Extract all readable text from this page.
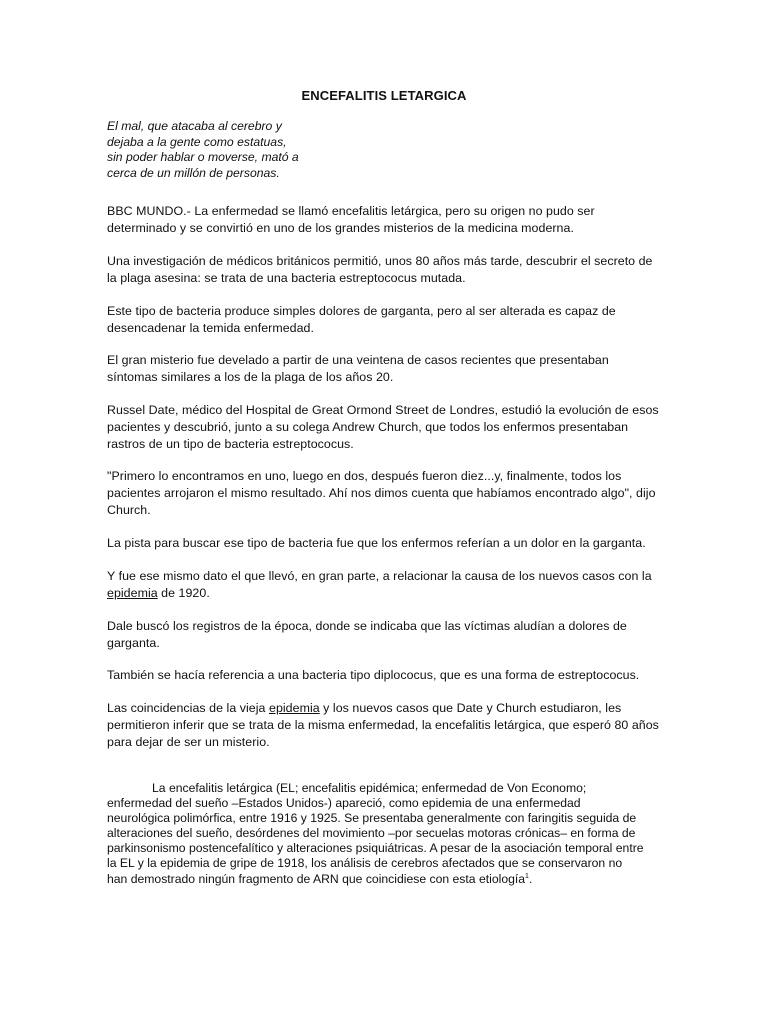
ENCEFALITIS LETARGICA
El mal, que atacaba al cerebro y
dejaba a la gente como estatuas,
sin poder hablar o moverse, mató a
cerca de un millón de personas.

BBC MUNDO.- La enfermedad se llamó encefalitis letárgica, pero su origen no pudo ser
determinado y se convirtió en uno de los grandes misterios de la medicina moderna.

Una investigación de médicos británicos permitió, unos 80 años más tarde, descubrir el secreto de
la plaga asesina: se trata de una bacteria estreptococus mutada.

Este tipo de bacteria produce simples dolores de garganta, pero al ser alterada es capaz de
desencadenar la temida enfermedad.

El gran misterio fue develado a partir de una veintena de casos recientes que presentaban
síntomas similares a los de la plaga de los años 20.

Russel Date, médico del Hospital de Great Ormond Street de Londres, estudió la evolución de esos
pacientes y descubrió, junto a su colega Andrew Church, que todos los enfermos presentaban
rastros de un tipo de bacteria estreptococus.

"Primero lo encontramos en uno, luego en dos, después fueron diez...y, finalmente, todos los
pacientes arrojaron el mismo resultado. Ahí nos dimos cuenta que habíamos encontrado algo", dijo
Church.

La pista para buscar ese tipo de bacteria fue que los enfermos referían a un dolor en la garganta.

Y fue ese mismo dato el que llevó, en gran parte, a relacionar la causa de los nuevos casos con la
epidemia de 1920.

Dale buscó los registros de la época, donde se indicaba que las víctimas aludían a dolores de
garganta.

También se hacía referencia a una bacteria tipo diplococus, que es una forma de estreptococus.

Las coincidencias de la vieja epidemia y los nuevos casos que Date y Church estudiaron, les
permitieron inferir que se trata de la misma enfermedad, la encefalitis letárgica, que esperó 80 años
para dejar de ser un misterio.

La encefalitis letárgica (EL; encefalitis epidémica; enfermedad de Von Economo;
enfermedad del sueño –Estados Unidos-) apareció, como epidemia de una enfermedad
neurológica polimórfica, entre 1916 y 1925. Se presentaba generalmente con faringitis seguida de
alteraciones del sueño, desórdenes del movimiento –por secuelas motoras crónicas– en forma de
parkinsonismo postencefalítico y alteraciones psiquiátricas. A pesar de la asociación temporal entre
la EL y la epidemia de gripe de 1918, los análisis de cerebros afectados que se conservaron no
han demostrado ningún fragmento de ARN que coincidiese con esta etiología$^1$.
